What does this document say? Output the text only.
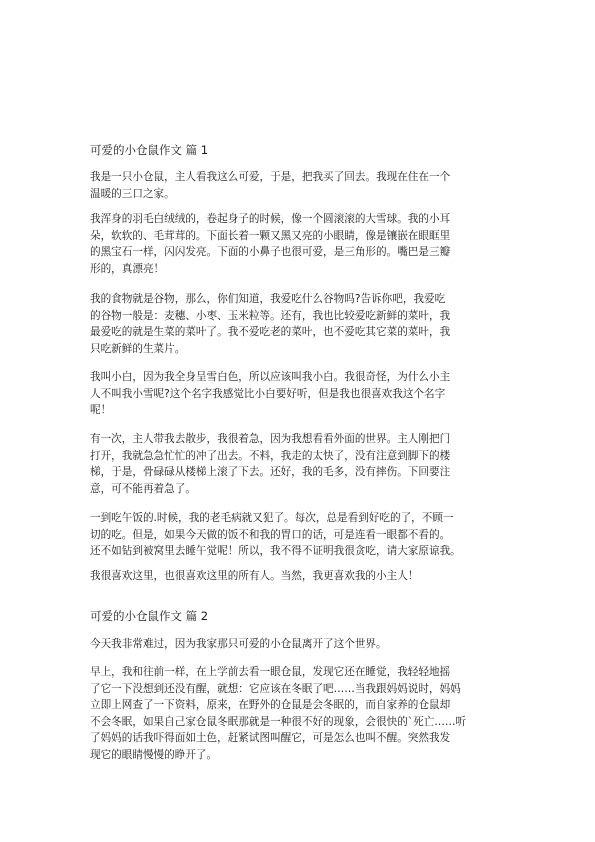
可爱的小仓鼠作文 篇 1
我是一只小仓鼠，主人看我这么可爱，于是，把我买了回去。我现在住在一个
温暖的三口之家。
我浑身的羽毛白绒绒的，卷起身子的时候，像一个圆滚滚的大雪球。我的小耳
朵，软软的、毛茸茸的。下面长着一颗又黑又亮的小眼睛，像是镶嵌在眼眶里
的黑宝石一样，闪闪发亮。下面的小鼻子也很可爱，是三角形的。嘴巴是三瓣
形的，真漂亮！
我的食物就是谷物，那么，你们知道，我爱吃什么谷物吗?告诉你吧，我爱吃
的谷物一般是：麦穗、小枣、玉米粒等。还有，我也比较爱吃新鲜的菜叶，我
最爱吃的就是生菜的菜叶了。我不爱吃老的菜叶，也不爱吃其它菜的菜叶，我
只吃新鲜的生菜片。
我叫小白，因为我全身呈雪白色，所以应该叫我小白。我很奇怪，为什么小主
人不叫我小雪呢?这个名字我感觉比小白要好听，但是我也很喜欢我这个名字
呢！
有一次，主人带我去散步，我很着急，因为我想看看外面的世界。主人刚把门
打开，我就急急忙忙的冲了出去。不料，我走的太快了，没有注意到脚下的楼
梯，于是，骨碌碌从楼梯上滚了下去。还好，我的毛多，没有摔伤。下回要注
意，可不能再着急了。
一到吃午饭的.时候，我的老毛病就又犯了。每次，总是看到好吃的了，不顾一
切的吃。但是，如果今天做的饭不和我的胃口的话，可是连看一眼都不看的。
还不如钻到被窝里去睡午觉呢！所以，我不得不证明我很贪吃，请大家原谅我。
我很喜欢这里，也很喜欢这里的所有人。当然，我更喜欢我的小主人！
可爱的小仓鼠作文 篇 2
今天我非常难过，因为我家那只可爱的小仓鼠离开了这个世界。
早上，我和往前一样，在上学前去看一眼仓鼠，发现它还在睡觉，我轻轻地摇
了它一下没想到还没有醒，就想：它应该在冬眠了吧……当我跟妈妈说时，妈妈
立即上网查了一下资料，原来，在野外的仓鼠是会冬眠的，而自家养的仓鼠却
不会冬眠，如果自己家仓鼠冬眠那就是一种很不好的现象，会很快的`死亡……听
了妈妈的话我吓得面如土色，赶紧试图叫醒它，可是怎么也叫不醒。突然我发
现它的眼睛慢慢的睁开了。
